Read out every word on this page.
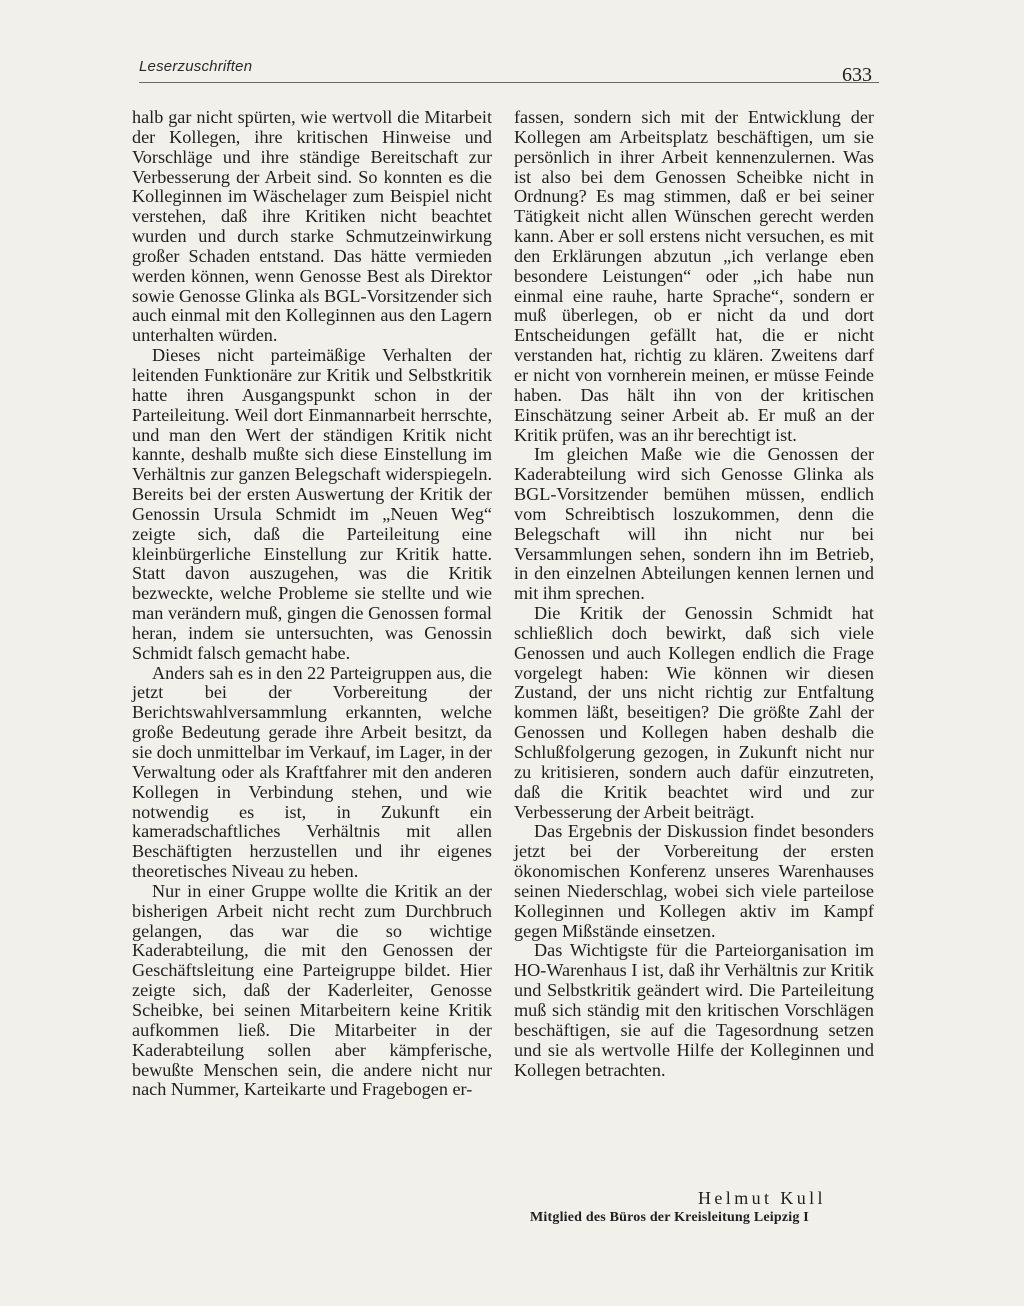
Leserzuschriften	633

halb gar nicht spürten, wie wertvoll die Mitarbeit der Kollegen, ihre kritischen Hinweise und Vorschläge und ihre ständige Bereitschaft zur Verbesserung der Arbeit sind. So konnten es die Kolleginnen im Wäschelager zum Beispiel nicht verstehen, daß ihre Kritiken nicht beachtet wurden und durch starke Schmutzeinwirkung großer Schaden entstand. Das hätte vermieden werden können, wenn Genosse Best als Direktor sowie Genosse Glinka als BGL-Vorsitzender sich auch einmal mit den Kolleginnen aus den Lagern unterhalten würden.

Dieses nicht parteimäßige Verhalten der leitenden Funktionäre zur Kritik und Selbstkritik hatte ihren Ausgangspunkt schon in der Parteileitung. Weil dort Einmannarbeit herrschte, und man den Wert der ständigen Kritik nicht kannte, deshalb mußte sich diese Einstellung im Verhältnis zur ganzen Belegschaft widerspiegeln. Bereits bei der ersten Auswertung der Kritik der Genossin Ursula Schmidt im „Neuen Weg“ zeigte sich, daß die Parteileitung eine kleinbürgerliche Einstellung zur Kritik hatte. Statt davon auszugehen, was die Kritik bezweckte, welche Probleme sie stellte und wie man verändern muß, gingen die Genossen formal heran, indem sie untersuchten, was Genossin Schmidt falsch gemacht habe.

Anders sah es in den 22 Parteigruppen aus, die jetzt bei der Vorbereitung der Berichtswahlversammlung erkannten, welche große Bedeutung gerade ihre Arbeit besitzt, da sie doch unmittelbar im Verkauf, im Lager, in der Verwaltung oder als Kraftfahrer mit den anderen Kollegen in Verbindung stehen, und wie notwendig es ist, in Zukunft ein kameradschaftliches Verhältnis mit allen Beschäftigten herzustellen und ihr eigenes theoretisches Niveau zu heben.

Nur in einer Gruppe wollte die Kritik an der bisherigen Arbeit nicht recht zum Durchbruch gelangen, das war die so wichtige Kaderabteilung, die mit den Genossen der Geschäftsleitung eine Parteigruppe bildet. Hier zeigte sich, daß der Kaderleiter, Genosse Scheibke, bei seinen Mitarbeitern keine Kritik aufkommen ließ. Die Mitarbeiter in der Kaderabteilung sollen aber kämpferische, bewußte Menschen sein, die andere nicht nur nach Nummer, Karteikarte und Fragebogen er-

fassen, sondern sich mit der Entwicklung der Kollegen am Arbeitsplatz beschäftigen, um sie persönlich in ihrer Arbeit kennenzulernen. Was ist also bei dem Genossen Scheibke nicht in Ordnung? Es mag stimmen, daß er bei seiner Tätigkeit nicht allen Wünschen gerecht werden kann. Aber er soll erstens nicht versuchen, es mit den Erklärungen abzutun „ich verlange eben besondere Leistungen“ oder „ich habe nun einmal eine rauhe, harte Sprache“, sondern er muß überlegen, ob er nicht da und dort Entscheidungen gefällt hat, die er nicht verstanden hat, richtig zu klären. Zweitens darf er nicht von vornherein meinen, er müsse Feinde haben. Das hält ihn von der kritischen Einschätzung seiner Arbeit ab. Er muß an der Kritik prüfen, was an ihr berechtigt ist.

Im gleichen Maße wie die Genossen der Kaderabteilung wird sich Genosse Glinka als BGL-Vorsitzender bemühen müssen, endlich vom Schreibtisch loszukommen, denn die Belegschaft will ihn nicht nur bei Versammlungen sehen, sondern ihn im Betrieb, in den einzelnen Abteilungen kennen lernen und mit ihm sprechen.

Die Kritik der Genossin Schmidt hat schließlich doch bewirkt, daß sich viele Genossen und auch Kollegen endlich die Frage vorgelegt haben: Wie können wir diesen Zustand, der uns nicht richtig zur Entfaltung kommen läßt, beseitigen? Die größte Zahl der Genossen und Kollegen haben deshalb die Schlußfolgerung gezogen, in Zukunft nicht nur zu kritisieren, sondern auch dafür einzutreten, daß die Kritik beachtet wird und zur Verbesserung der Arbeit beiträgt.

Das Ergebnis der Diskussion findet besonders jetzt bei der Vorbereitung der ersten ökonomischen Konferenz unseres Warenhauses seinen Niederschlag, wobei sich viele parteilose Kolleginnen und Kollegen aktiv im Kampf gegen Mißstände einsetzen.

Das Wichtigste für die Parteiorganisation im HO-Warenhaus I ist, daß ihr Verhältnis zur Kritik und Selbstkritik geändert wird. Die Parteileitung muß sich ständig mit den kritischen Vorschlägen beschäftigen, sie auf die Tagesordnung setzen und sie als wertvolle Hilfe der Kolleginnen und Kollegen betrachten.

Helmut Kull
Mitglied des Büros der Kreisleitung Leipzig I
